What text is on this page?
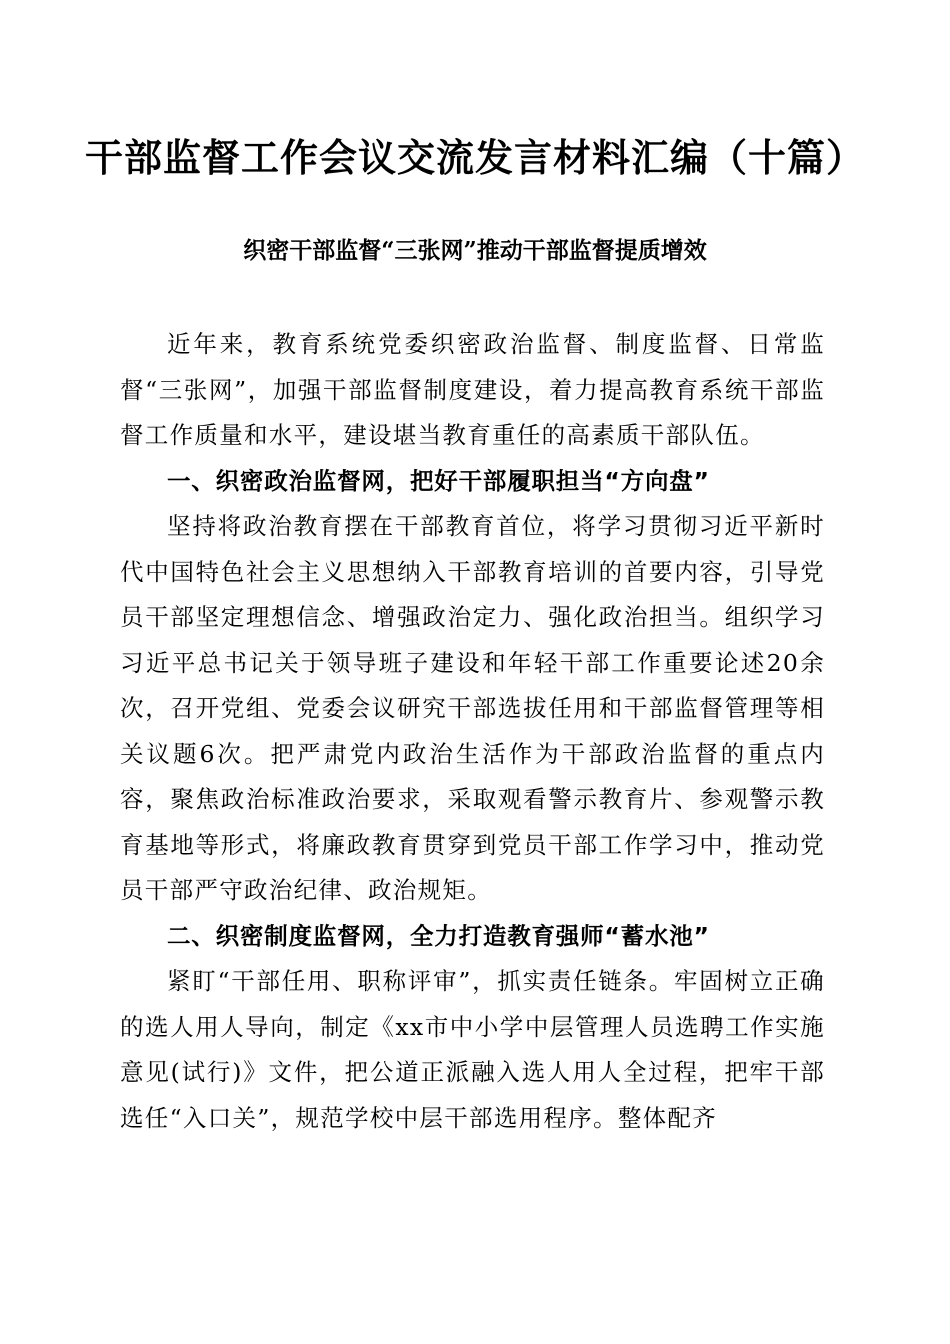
干部监督工作会议交流发言材料汇编（十篇）
织密干部监督“三张网”推动干部监督提质增效

近年来，教育系统党委织密政治监督、制度监督、日常监督“三张网”，加强干部监督制度建设，着力提高教育系统干部监督工作质量和水平，建设堪当教育重任的高素质干部队伍。

一、织密政治监督网，把好干部履职担当“方向盘”

坚持将政治教育摆在干部教育首位，将学习贯彻习近平新时代中国特色社会主义思想纳入干部教育培训的首要内容，引导党员干部坚定理想信念、增强政治定力、强化政治担当。组织学习习近平总书记关于领导班子建设和年轻干部工作重要论述20余次，召开党组、党委会议研究干部选拔任用和干部监督管理等相关议题6次。把严肃党内政治生活作为干部政治监督的重点内容，聚焦政治标准政治要求，采取观看警示教育片、参观警示教育基地等形式，将廉政教育贯穿到党员干部工作学习中，推动党员干部严守政治纪律、政治规矩。

二、织密制度监督网，全力打造教育强师“蓄水池”

紧盯“干部任用、职称评审”，抓实责任链条。牢固树立正确的选人用人导向，制定《xx市中小学中层管理人员选聘工作实施意见(试行)》文件，把公道正派融入选人用人全过程，把牢干部选任“入口关”，规范学校中层干部选用程序。整体配齐
